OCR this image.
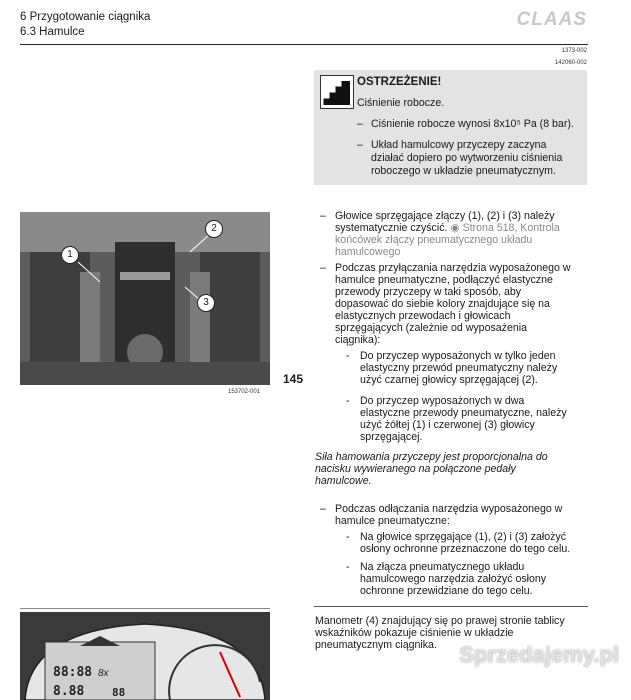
6 Przygotowanie ciągnika
6.3 Hamulce
CLAAS
1373-002
142060-002
OSTRZEŻENIE!
Ciśnienie robocze.
– Ciśnienie robocze wynosi 8x10⁵ Pa (8 bar).
– Układ hamulcowy przyczepy zaczyna
działać dopiero po wytworzeniu ciśnienia
roboczego w układzie pneumatycznym.
1
2
3
153702-001
145
– Głowice sprzęgające złączy (1), (2) i (3) należy
systematycznie czyścić. ◉ Strona 518, Kontrola
końcówek złączy pneumatycznego układu
hamulcowego
– Podczas przyłączania narzędzia wyposażonego w
hamulce pneumatyczne, podłączyć elastyczne
przewody przyczepy w taki sposób, aby
dopasować do siebie kolory znajdujące się na
elastycznych przewodach i głowicach
sprzęgających (zależnie od wyposażenia
ciągnika):
- Do przyczep wyposażonych w tylko jeden
elastyczny przewód pneumatyczny należy
użyć czarnej głowicy sprzęgającej (2).
- Do przyczep wyposażonych w dwa
elastyczne przewody pneumatyczne, należy
użyć żółtej (1) i czerwonej (3) głowicy
sprzęgającej.
Siła hamowania przyczepy jest proporcjonalna do
nacisku wywieranego na połączone pedały
hamulcowe.
– Podczas odłączania narzędzia wyposażonego w
hamulce pneumatyczne:
- Na głowice sprzęgające (1), (2) i (3) założyć
osłony ochronne przeznaczone do tego celu.
- Na złącza pneumatycznego układu
hamulcowego narzędzia założyć osłony
ochronne przewidziane do tego celu.
Manometr (4) znajdujący się po prawej stronie tablicy
wskaźników pokazuje ciśnienie w układzie
pneumatycznym ciągnika.
88:88 8x
8.88	88
Sprzedajemy.pl
